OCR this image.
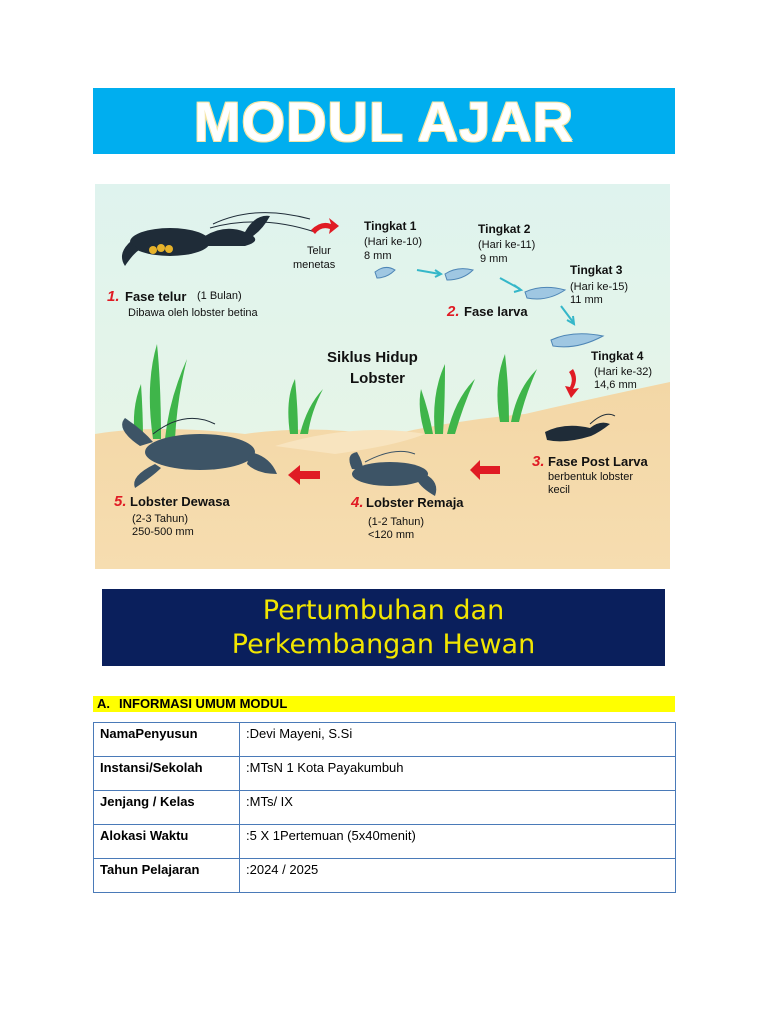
MODUL AJAR
1. Fase telur (1 Bulan)
Dibawa oleh lobster betina
Telur
menetas
Tingkat 1
(Hari ke-10)
8 mm
Tingkat 2
(Hari ke-11)
9 mm
Tingkat 3
(Hari ke-15)
11 mm
2. Fase larva
Tingkat 4
(Hari ke-32)
14,6 mm
Siklus Hidup
Lobster
3. Fase Post Larva
berbentuk lobster
kecil
4. Lobster Remaja
(1-2 Tahun)
<120 mm
5. Lobster Dewasa
(2-3 Tahun)
250-500 mm
Pertumbuhan dan
Perkembangan Hewan
A. INFORMASI UMUM MODUL
NamaPenyusun	:Devi Mayeni, S.Si
Instansi/Sekolah	:MTsN 1 Kota Payakumbuh
Jenjang / Kelas	:MTs/ IX
Alokasi Waktu	:5 X 1Pertemuan (5x40menit)
Tahun Pelajaran	:2024 / 2025
